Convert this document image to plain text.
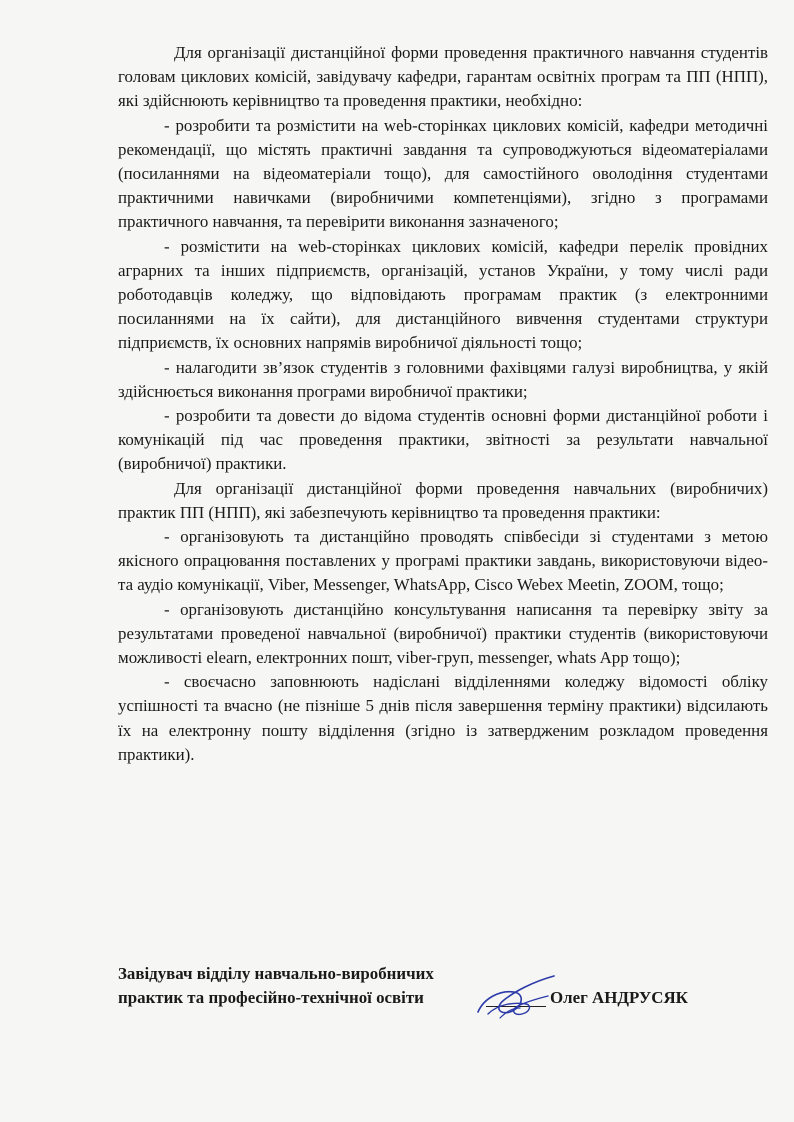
Для організації дистанційної форми проведення практичного навчання студентів головам циклових комісій, завідувачу кафедри, гарантам освітніх програм та ПП (НПП), які здійснюють керівництво та проведення практики, необхідно:

- розробити та розмістити на web-сторінках циклових комісій, кафедри методичні рекомендації, що містять практичні завдання та супроводжуються відеоматеріалами (посиланнями на відеоматеріали тощо), для самостійного оволодіння студентами практичними навичками (виробничими компетенціями), згідно з програмами практичного навчання, та перевірити виконання зазначеного;

- розмістити на web-сторінках циклових комісій, кафедри перелік провідних аграрних та інших підприємств, організацій, установ України, у тому числі ради роботодавців коледжу, що відповідають програмам практик (з електронними посиланнями на їх сайти), для дистанційного вивчення студентами структури підприємств, їх основних напрямів виробничої діяльності тощо;

- налагодити зв’язок студентів з головними фахівцями галузі виробництва, у якій здійснюється виконання програми виробничої практики;

- розробити та довести до відома студентів основні форми дистанційної роботи і комунікацій під час проведення практики, звітності за результати навчальної (виробничої) практики.

Для організації дистанційної форми проведення навчальних (виробничих) практик ПП (НПП), які забезпечують керівництво та проведення практики:

- організовують та дистанційно проводять співбесіди зі студентами з метою якісного опрацювання поставлених у програмі практики завдань, використовуючи відео- та аудіо комунікації, Viber, Messenger, WhatsApp, Cisco Webex Meetin, ZOOM, тощо;

- організовують дистанційно консультування написання та перевірку звіту за результатами проведеної навчальної (виробничої) практики студентів (використовуючи можливості elearn, електронних пошт, viber-груп, messenger, whats App тощо);

- своєчасно заповнюють надіслані відділеннями коледжу відомості обліку успішності та вчасно (не пізніше 5 днів після завершення терміну практики) відсилають їх на електронну пошту відділення (згідно із затвердженим розкладом проведення практики).

Завідувач відділу навчально-виробничих практик та професійно-технічної освіти	Олег АНДРУСЯК
